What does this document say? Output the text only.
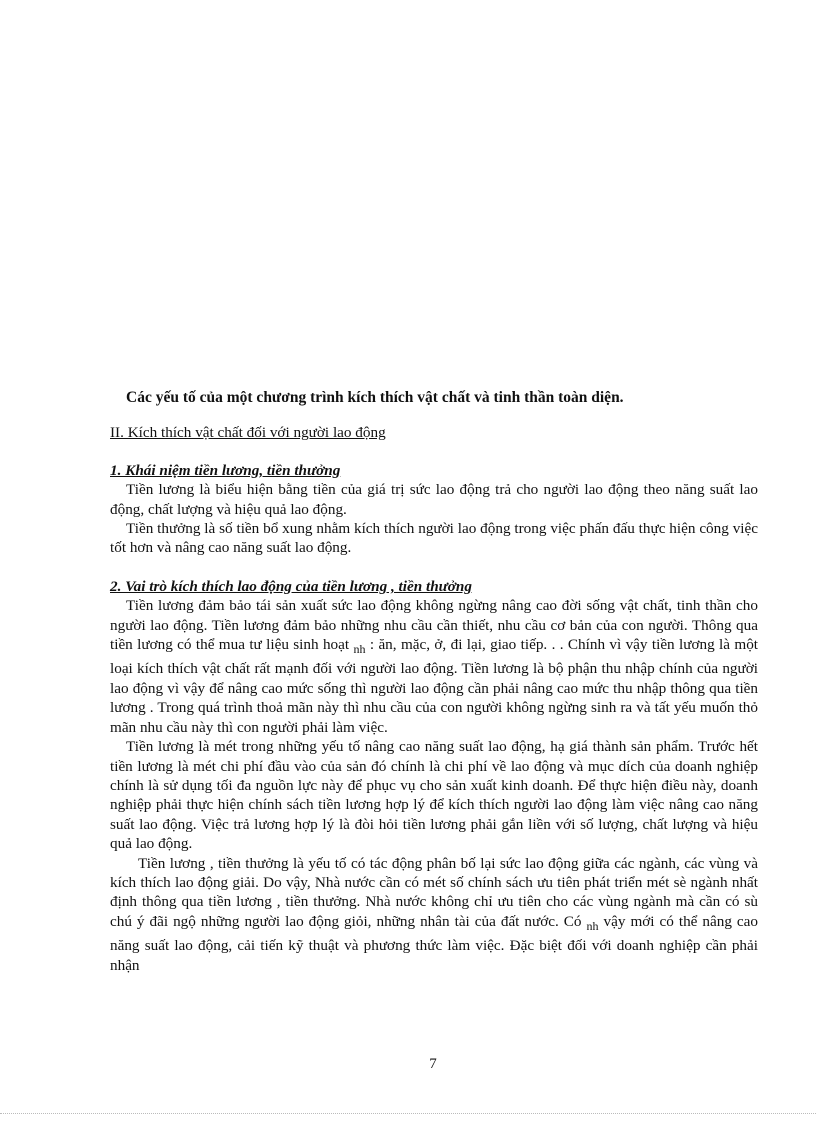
Các yếu tố của một chương trình kích thích vật chất và tinh thần toàn diện.

II. Kích thích vật chất đối với người lao động

1. Khái niệm tiền lương, tiền thưởng

Tiền lương là biểu hiện bằng tiền của giá trị sức lao động trả cho người lao động theo năng suất lao động, chất lượng và hiệu quả lao động.

Tiền thưởng là số tiền bổ xung nhằm kích thích người lao động trong việc phấn đấu thực hiện công việc tốt hơn và nâng cao năng suất lao động.

2. Vai trò kích thích lao động của tiền lương , tiền thưởng

Tiền lương đảm bảo tái sản xuất sức lao động không ngừng nâng cao đời sống vật chất, tinh thần cho người lao động. Tiền lương đảm bảo những nhu cầu cần thiết, nhu cầu cơ bản của con người. Thông qua tiền lương có thể mua tư liệu sinh hoạt $_{nh}$ : ăn, mặc, ở, đi lại, giao tiếp. . . Chính vì vậy tiền lương là một loại kích thích vật chất rất mạnh đối với người lao động. Tiền lương là bộ phận thu nhập chính của người lao động vì vậy để nâng cao mức sống thì người lao động cần phải nâng cao mức thu nhập thông qua tiền lương . Trong quá trình thoả mãn này thì nhu cầu của con người không ngừng sinh ra và tất yếu muốn thỏ mãn nhu cầu này thì con người phải làm việc.

Tiền lương là mét trong những yếu tố nâng cao năng suất lao động, hạ giá thành sản phẩm. Trước hết tiền lương là mét chi phí đầu vào của sản đó chính là chi phí về lao động và mục dích của doanh nghiệp chính là sử dụng tối đa nguồn lực này để phục vụ cho sản xuất kinh doanh. Để thực hiện điều này, doanh nghiệp phải thực hiện chính sách tiền lương hợp lý để kích thích người lao động làm việc nâng cao năng suất lao động. Việc trả lương hợp lý là đòi hỏi tiền lương phải gắn liền với số lượng, chất lượng và hiệu quả lao động.

Tiền lương , tiền thưởng là yếu tố có tác động phân bố lại sức lao động giữa các ngành, các vùng và kích thích lao động giải. Do vậy, Nhà nước cần có mét số chính sách ưu tiên phát triển mét sè ngành nhất định thông qua tiền lương , tiền thưởng. Nhà nước không chỉ ưu tiên cho các vùng ngành mà cần có sù chú ý đãi ngộ những người lao động giỏi, những nhân tài của đất nước. Có $_{nh}$ vậy mới có thể nâng cao năng suất lao động, cải tiến kỹ thuật và phương thức làm việc. Đặc biệt đối với doanh nghiệp cần phải nhận

7
